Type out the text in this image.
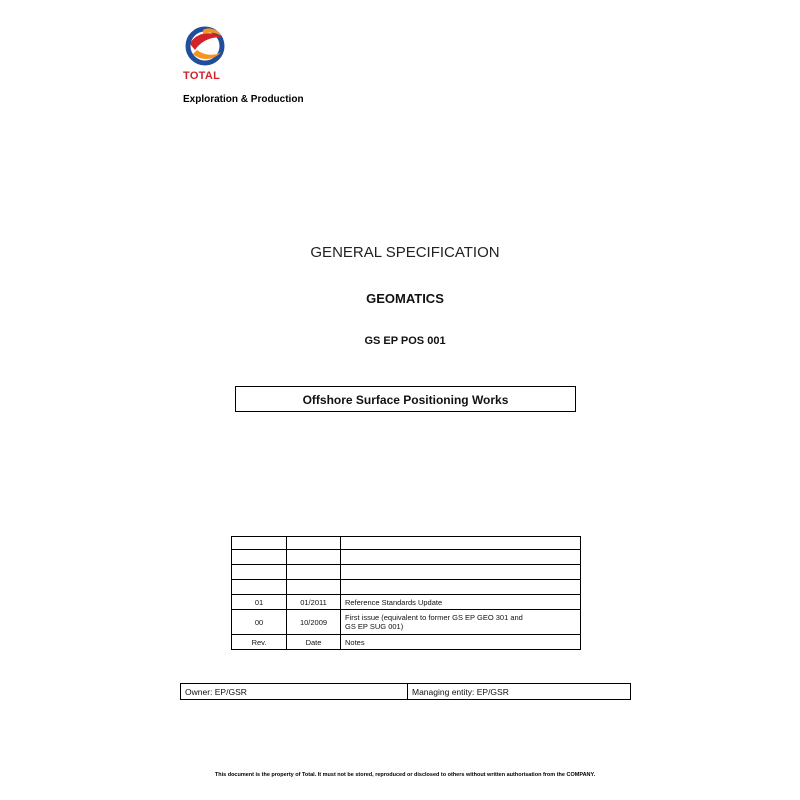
TOTAL
Exploration & Production
GENERAL SPECIFICATION
GEOMATICS
GS EP POS 001
Offshore Surface Positioning Works

01	01/2011	Reference Standards Update
00	10/2009	First issue (equivalent to former GS EP GEO 301 and
GS EP SUG 001)

Rev.	Date	Notes
Owner: EP/GSR	Managing entity: EP/GSR
This document is the property of Total. It must not be stored, reproduced or disclosed to others without written authorisation from the COMPANY.
